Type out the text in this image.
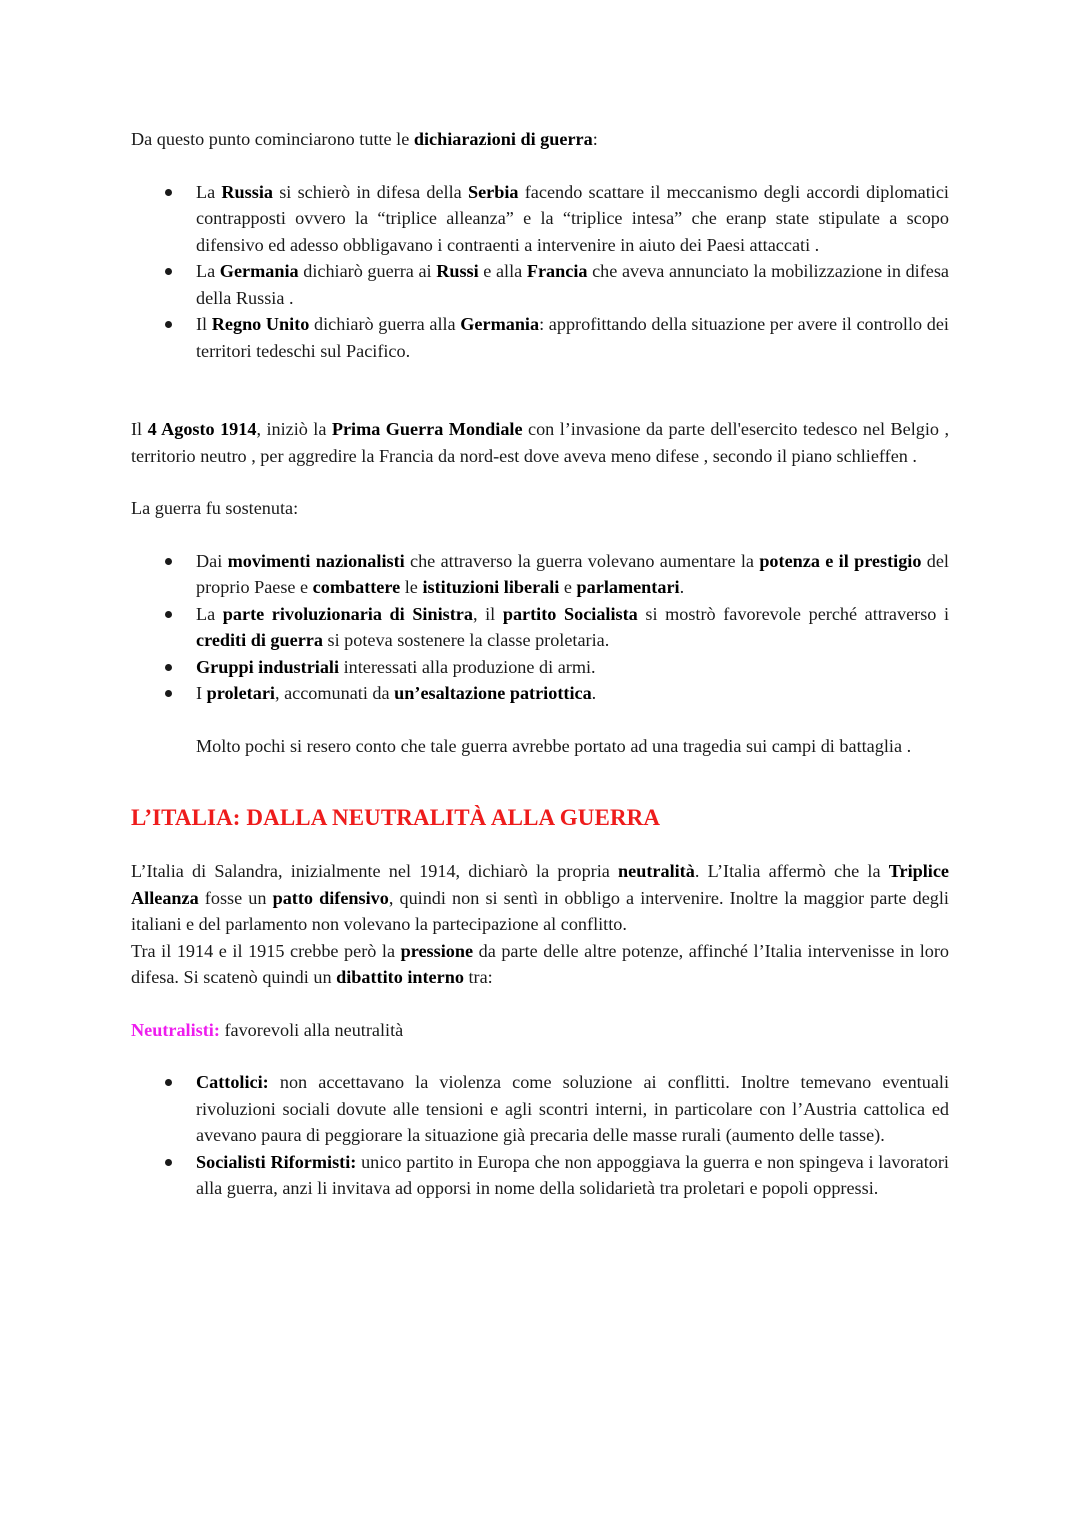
Da questo punto cominciarono tutte le dichiarazioni di guerra:

La Russia si schierò in difesa della Serbia facendo scattare il meccanismo degli accordi diplomatici contrapposti ovvero la “triplice alleanza” e la “triplice intesa” che eranp state stipulate a scopo difensivo ed adesso obbligavano i contraenti a intervenire in aiuto dei Paesi attaccati .
La Germania dichiarò guerra ai Russi e alla Francia che aveva annunciato la mobilizzazione in difesa della Russia .
Il Regno Unito dichiarò guerra alla Germania: approfittando della situazione per avere il controllo dei territori tedeschi sul Pacifico.

Il 4 Agosto 1914, iniziò la Prima Guerra Mondiale con l’invasione da parte dell'esercito tedesco nel Belgio , territorio neutro , per aggredire la Francia da nord-est dove aveva meno difese , secondo il piano schlieffen .

La guerra fu sostenuta:

Dai movimenti nazionalisti che attraverso la guerra volevano aumentare la potenza e il prestigio del proprio Paese e combattere le istituzioni liberali e parlamentari.
La parte rivoluzionaria di Sinistra, il partito Socialista si mostrò favorevole perché attraverso i crediti di guerra si poteva sostenere la classe proletaria.
Gruppi industriali interessati alla produzione di armi.
I proletari, accomunati da un’esaltazione patriottica.

Molto pochi si resero conto che tale guerra avrebbe portato ad una tragedia sui campi di battaglia .

L’ITALIA: DALLA NEUTRALITÀ ALLA GUERRA

L’Italia di Salandra, inizialmente nel 1914, dichiarò la propria neutralità. L’Italia affermò che la Triplice Alleanza fosse un patto difensivo, quindi non si sentì in obbligo a intervenire. Inoltre la maggior parte degli italiani e del parlamento non volevano la partecipazione al conflitto.
Tra il 1914 e il 1915 crebbe però la pressione da parte delle altre potenze, affinché l’Italia intervenisse in loro difesa. Si scatenò quindi un dibattito interno tra:

Neutralisti: favorevoli alla neutralità

Cattolici: non accettavano la violenza come soluzione ai conflitti. Inoltre temevano eventuali rivoluzioni sociali dovute alle tensioni e agli scontri interni, in particolare con l’Austria cattolica ed avevano paura di peggiorare la situazione già precaria delle masse rurali (aumento delle tasse).
Socialisti Riformisti: unico partito in Europa che non appoggiava la guerra e non spingeva i lavoratori alla guerra, anzi li invitava ad opporsi in nome della solidarietà tra proletari e popoli oppressi.
